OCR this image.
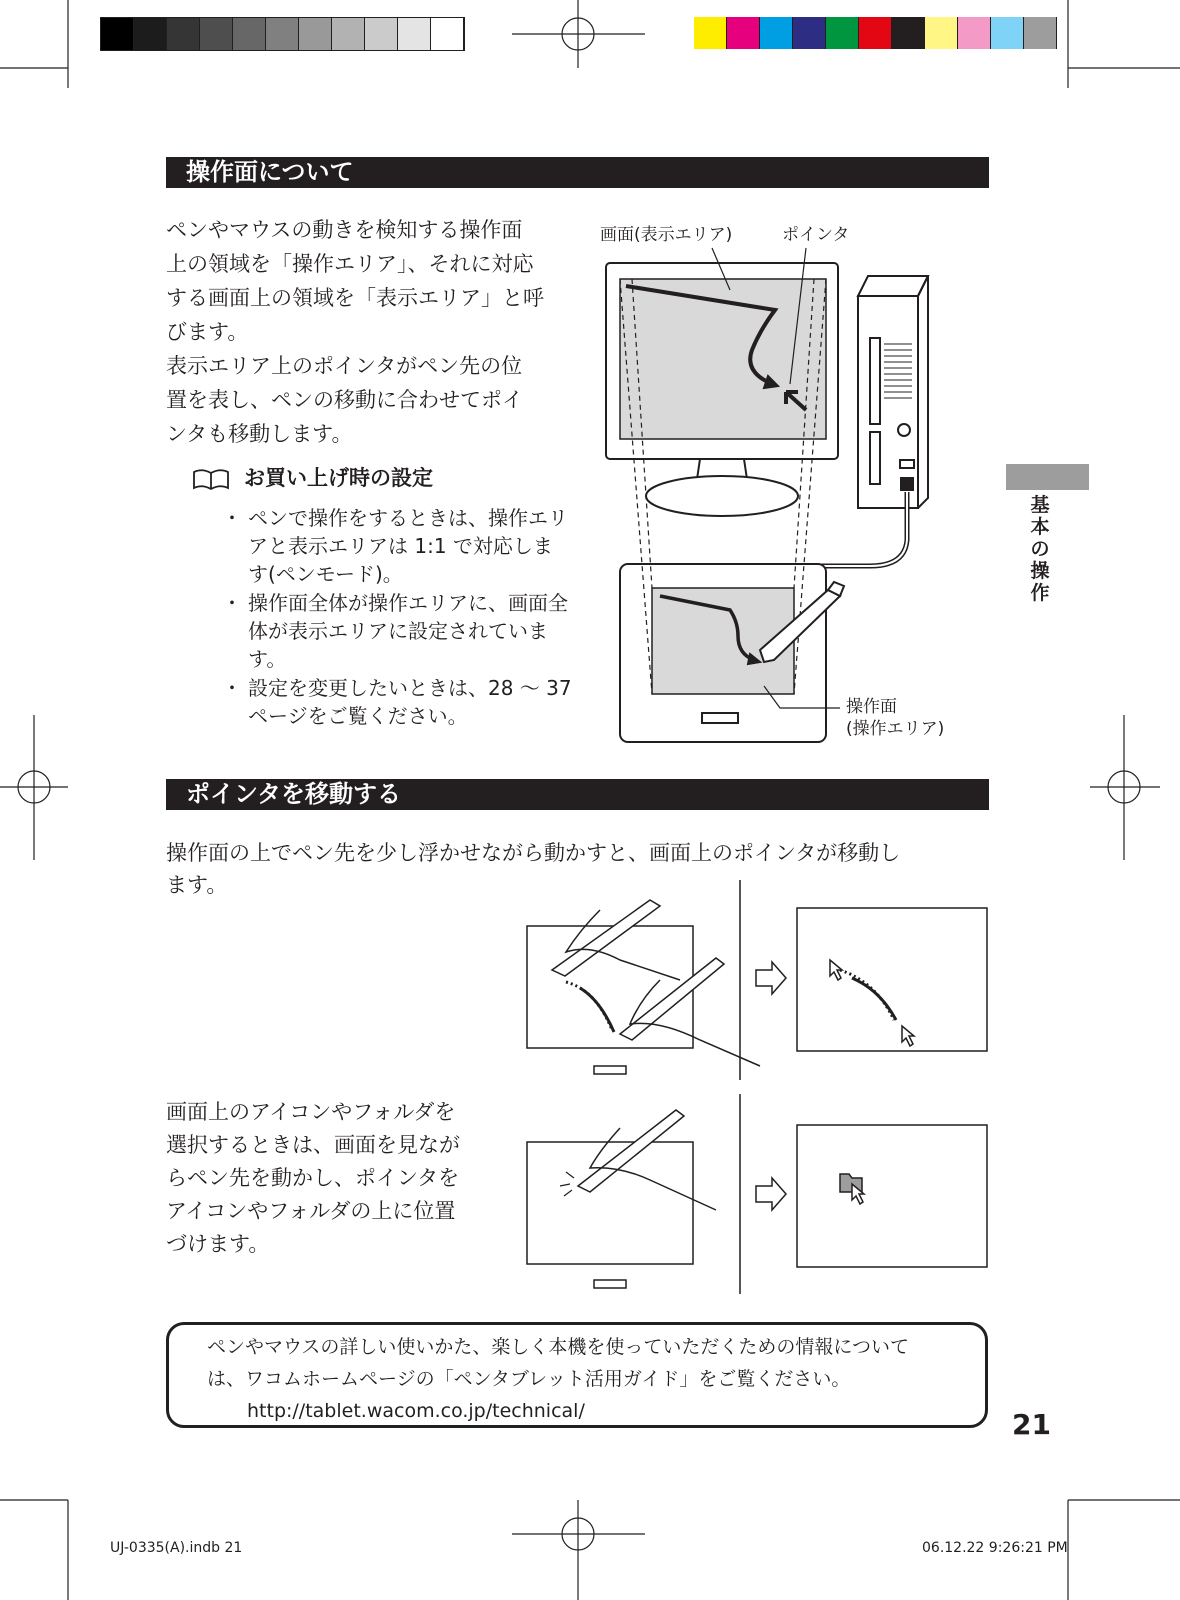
操作面について

ペンやマウスの動きを検知する操作面

上の領域を「操作エリア」、それに対応

する画面上の領域を「表示エリア」と呼

びます。

表示エリア上のポインタがペン先の位

置を表し、ペンの移動に合わせてポイ

ンタも移動します。

お買い上げ時の設定
・ ペンで操作をするときは、操作エリアと表示エリアは 1:1 で対応します(ペンモード)。
・ 操作面全体が操作エリアに、画面全体が表示エリアに設定されています。
・ 設定を変更したいときは、28 〜 37 ページをご覧ください。
画面(表示エリア)	ポインタ
操作面
(操作エリア)
ポインタを移動する

操作面の上でペン先を少し浮かせながら動かすと、画面上のポインタが移動し

ます。

画面上のアイコンやフォルダを

選択するときは、画面を見なが

らペン先を動かし、ポインタを

アイコンやフォルダの上に位置

づけます。

ペンやマウスの詳しい使いかた、楽しく本機を使っていただくための情報について
は、ワコムホームページの「ペンタブレット活用ガイド」をご覧ください。
http://tablet.wacom.co.jp/technical/
基
本
の
操
作
21
UJ-0335(A).indb 21	06.12.22 9:26:21 PM
